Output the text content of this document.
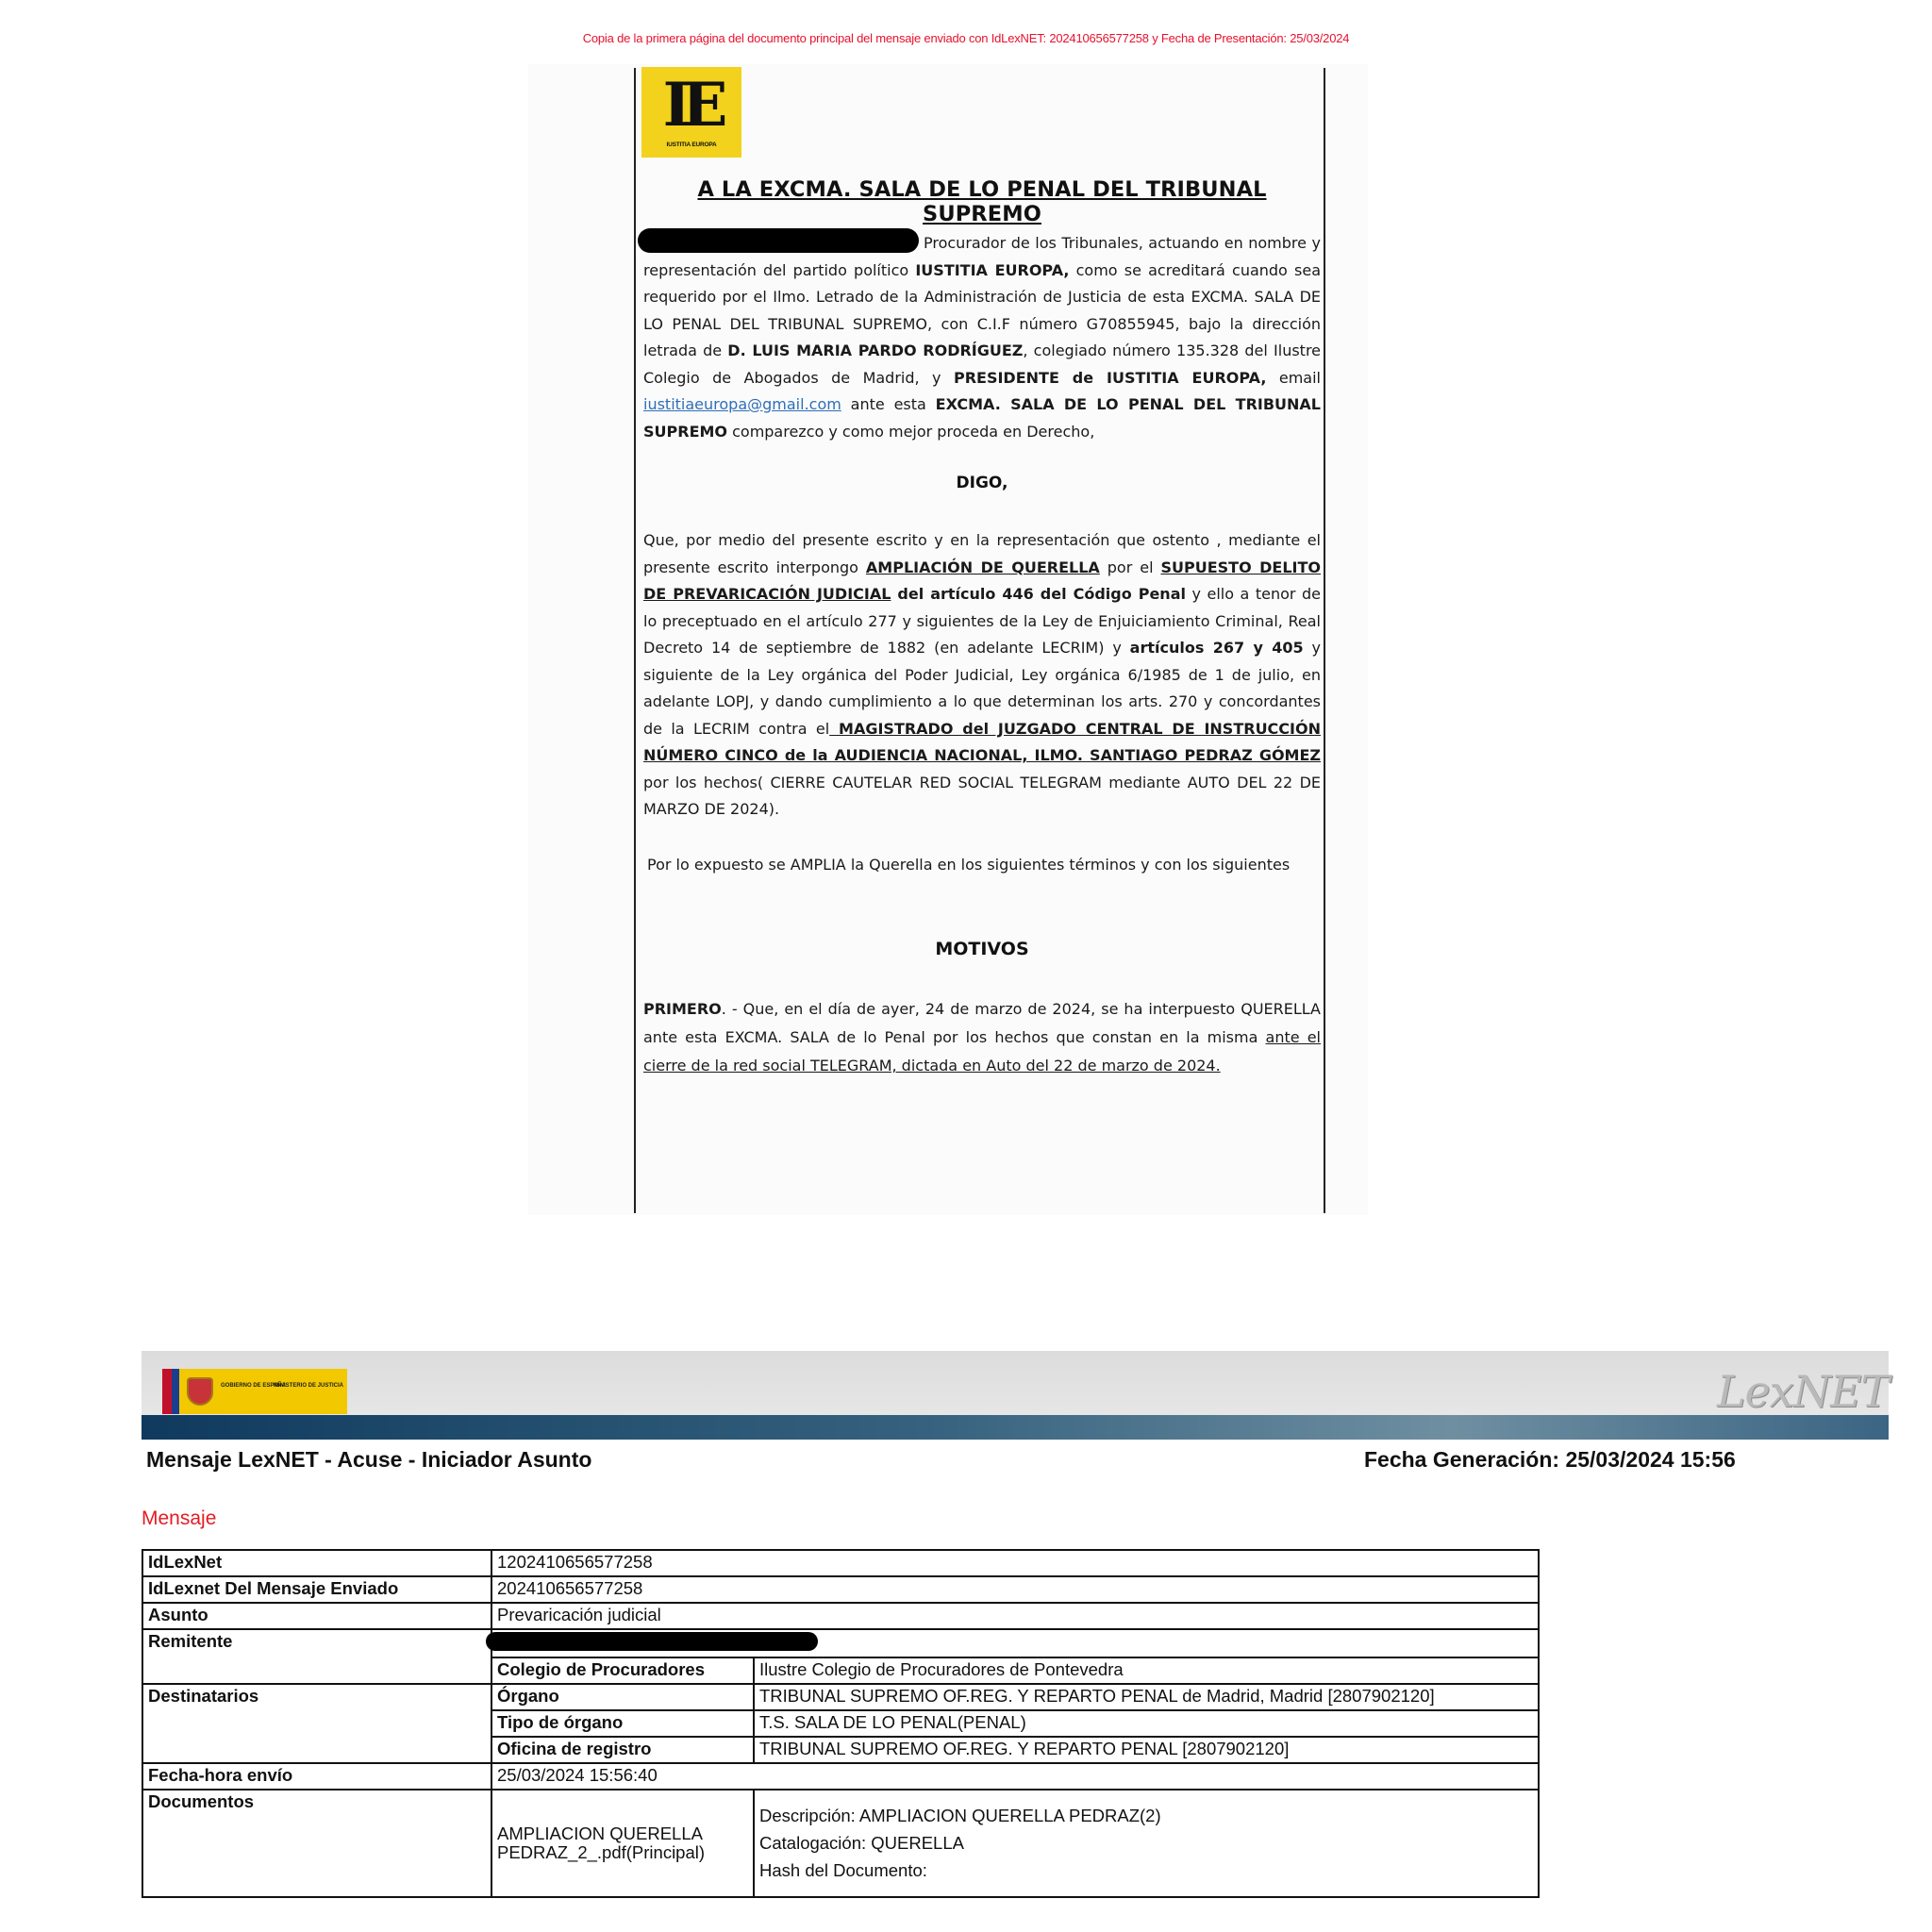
Copia de la primera página del documento principal del mensaje enviado con IdLexNET: 202410656577258 y Fecha de Presentación: 25/03/2024
IE
IUSTITIA EUROPA
A LA EXCMA. SALA DE LO PENAL DEL TRIBUNAL SUPREMO
Procurador de los Tribunales, actuando en nombre y representación del partido político IUSTITIA EUROPA, como se acreditará cuando sea requerido por el Ilmo. Letrado de la Administración de Justicia de esta EXCMA. SALA DE LO PENAL DEL TRIBUNAL SUPREMO, con C.I.F número G70855945, bajo la dirección letrada de D. LUIS MARIA PARDO RODRÍGUEZ, colegiado número 135.328 del Ilustre Colegio de Abogados de Madrid, y PRESIDENTE de IUSTITIA EUROPA, email iustitiaeuropa@gmail.com ante esta EXCMA. SALA DE LO PENAL DEL TRIBUNAL SUPREMO comparezco y como mejor proceda en Derecho,
DIGO,
Que, por medio del presente escrito y en la representación que ostento , mediante el presente escrito interpongo AMPLIACIÓN DE QUERELLA por el SUPUESTO DELITO DE PREVARICACIÓN JUDICIAL del artículo 446 del Código Penal y ello a tenor de lo preceptuado en el artículo 277 y siguientes de la Ley de Enjuiciamiento Criminal, Real Decreto 14 de septiembre de 1882 (en adelante LECRIM) y artículos 267 y 405 y siguiente de la Ley orgánica del Poder Judicial, Ley orgánica 6/1985 de 1 de julio, en adelante LOPJ, y dando cumplimiento a lo que determinan los arts. 270 y concordantes de la LECRIM contra el MAGISTRADO del JUZGADO CENTRAL DE INSTRUCCIÓN NÚMERO CINCO de la AUDIENCIA NACIONAL, ILMO. SANTIAGO PEDRAZ GÓMEZ por los hechos( CIERRE CAUTELAR RED SOCIAL TELEGRAM mediante AUTO DEL 22 DE MARZO DE 2024).
Por lo expuesto se AMPLIA la Querella en los siguientes términos y con los siguientes
MOTIVOS
PRIMERO. - Que, en el día de ayer, 24 de marzo de 2024, se ha interpuesto QUERELLA ante esta EXCMA. SALA de lo Penal por los hechos que constan en la misma ante el cierre de la red social TELEGRAM, dictada en Auto del 22 de marzo de 2024.
GOBIERNO DE ESPAÑA
MINISTERIO DE JUSTICIA	LexNET
Mensaje LexNET - Acuse - Iniciador Asunto	Fecha Generación: 25/03/2024 15:56
Mensaje
IdLexNet	1202410656577258	
IdLexnet Del Mensaje Enviado	202410656577258	
Asunto	Prevaricación judicial	
Remitente		
	Colegio de Procuradores	Ilustre Colegio de Procuradores de Pontevedra
Destinatarios	Órgano	TRIBUNAL SUPREMO OF.REG. Y REPARTO PENAL de Madrid, Madrid [2807902120]
	Tipo de órgano	T.S. SALA DE LO PENAL(PENAL)
	Oficina de registro	TRIBUNAL SUPREMO OF.REG. Y REPARTO PENAL [2807902120]
Fecha-hora envío	25/03/2024 15:56:40	
Documentos	AMPLIACION QUERELLA PEDRAZ_2_.pdf(Principal)	Descripción: AMPLIACION QUERELLA PEDRAZ(2)
Catalogación: QUERELLA
Hash del Documento:
